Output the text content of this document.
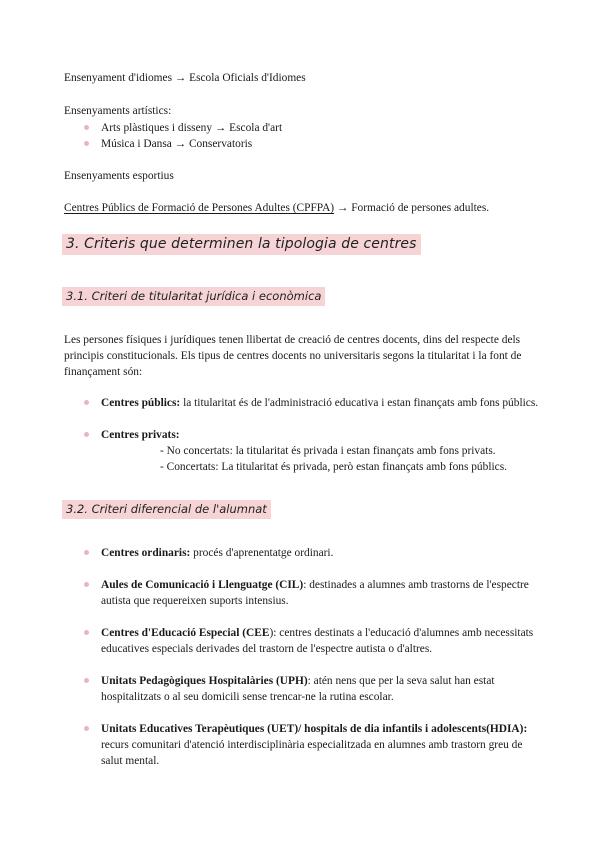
Ensenyament d'idiomes → Escola Oficials d'Idiomes
Ensenyaments artístics:
Arts plàstiques i disseny → Escola d'art
Música i Dansa → Conservatoris
Ensenyaments esportius
Centres Públics de Formació de Persones Adultes (CPFPA) → Formació de persones adultes.
3. Criteris que determinen la tipologia de centres
3.1. Criteri de titularitat jurídica i econòmica
Les persones físiques i jurídiques tenen llibertat de creació de centres docents, dins del respecte dels principis constitucionals. Els tipus de centres docents no universitaris segons la titularitat i la font de finançament són:
Centres públics: la titularitat és de l'administració educativa i estan finançats amb fons públics.
Centres privats:
- No concertats: la titularitat és privada i estan finançats amb fons privats.
- Concertats: La titularitat és privada, però estan finançats amb fons públics.
3.2. Criteri diferencial de l'alumnat
Centres ordinaris: procés d'aprenentatge ordinari.
Aules de Comunicació i Llenguatge (CIL): destinades a alumnes amb trastorns de l'espectre autista que requereixen suports intensius.
Centres d'Educació Especial (CEE): centres destinats a l'educació d'alumnes amb necessitats educatives especials derivades del trastorn de l'espectre autista o d'altres.
Unitats Pedagògiques Hospitalàries (UPH): atén nens que per la seva salut han estat hospitalitzats o al seu domicili sense trencar-ne la rutina escolar.
Unitats Educatives Terapèutiques (UET)/ hospitals de dia infantils i adolescents(HDIA): recurs comunitari d'atenció interdisciplinària especialitzada en alumnes amb trastorn greu de salut mental.
